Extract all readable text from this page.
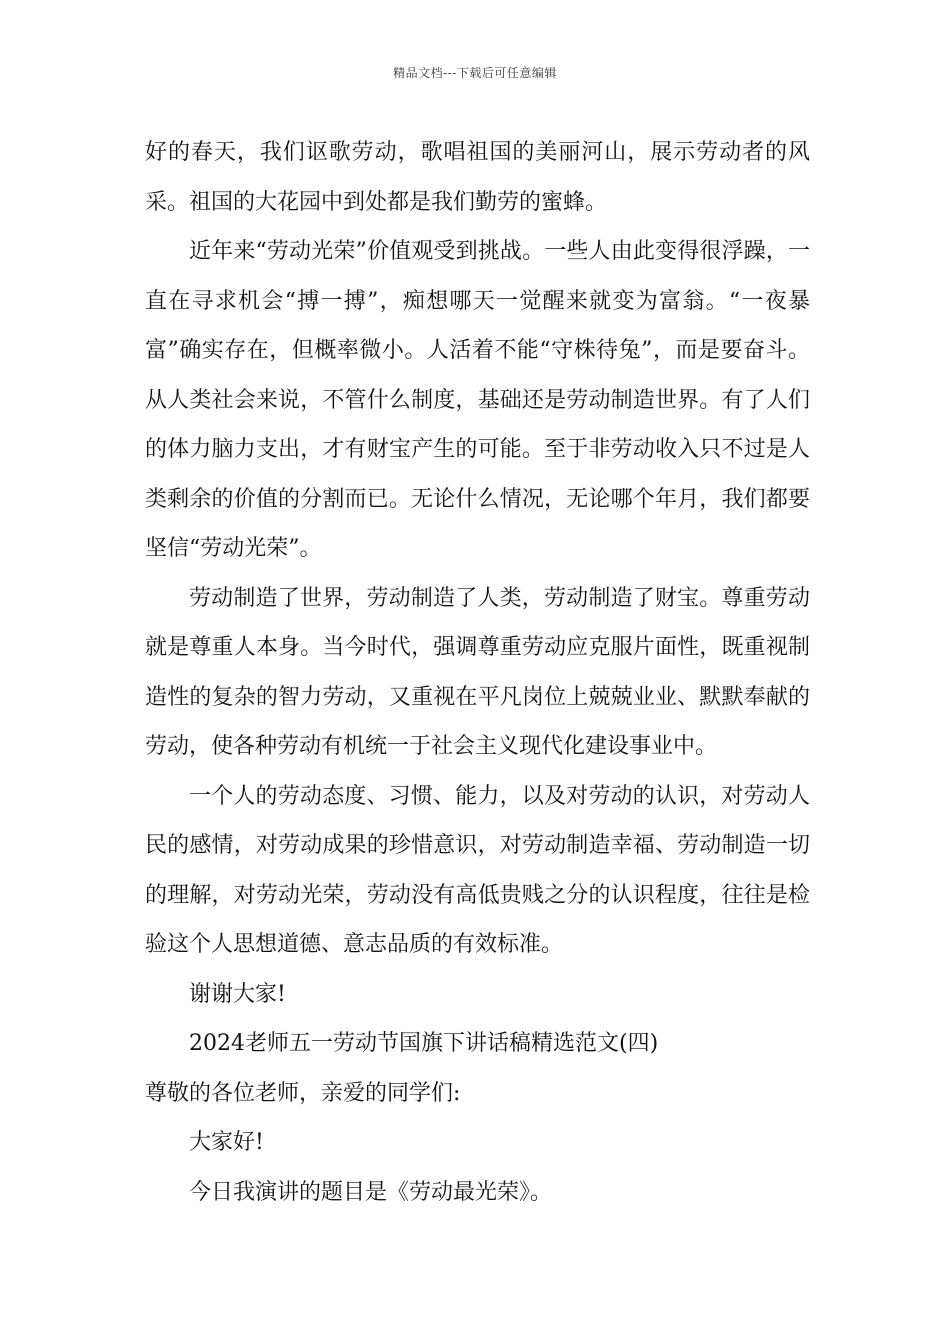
精品文档---下载后可任意编辑

好的春天，我们讴歌劳动，歌唱祖国的美丽河山，展示劳动者的风采。祖国的大花园中到处都是我们勤劳的蜜蜂。

近年来“劳动光荣”价值观受到挑战。一些人由此变得很浮躁，一直在寻求机会“搏一搏”，痴想哪天一觉醒来就变为富翁。“一夜暴富”确实存在，但概率微小。人活着不能“守株待兔”，而是要奋斗。从人类社会来说，不管什么制度，基础还是劳动制造世界。有了人们的体力脑力支出，才有财宝产生的可能。至于非劳动收入只不过是人类剩余的价值的分割而已。无论什么情况，无论哪个年月，我们都要坚信“劳动光荣”。

劳动制造了世界，劳动制造了人类，劳动制造了财宝。尊重劳动就是尊重人本身。当今时代，强调尊重劳动应克服片面性，既重视制造性的复杂的智力劳动，又重视在平凡岗位上兢兢业业、默默奉献的劳动，使各种劳动有机统一于社会主义现代化建设事业中。

一个人的劳动态度、习惯、能力，以及对劳动的认识，对劳动人民的感情，对劳动成果的珍惜意识，对劳动制造幸福、劳动制造一切的理解，对劳动光荣，劳动没有高低贵贱之分的认识程度，往往是检验这个人思想道德、意志品质的有效标准。

谢谢大家!

2024老师五一劳动节国旗下讲话稿精选范文(四)

尊敬的各位老师，亲爱的同学们:

大家好!

今日我演讲的题目是《劳动最光荣》。
